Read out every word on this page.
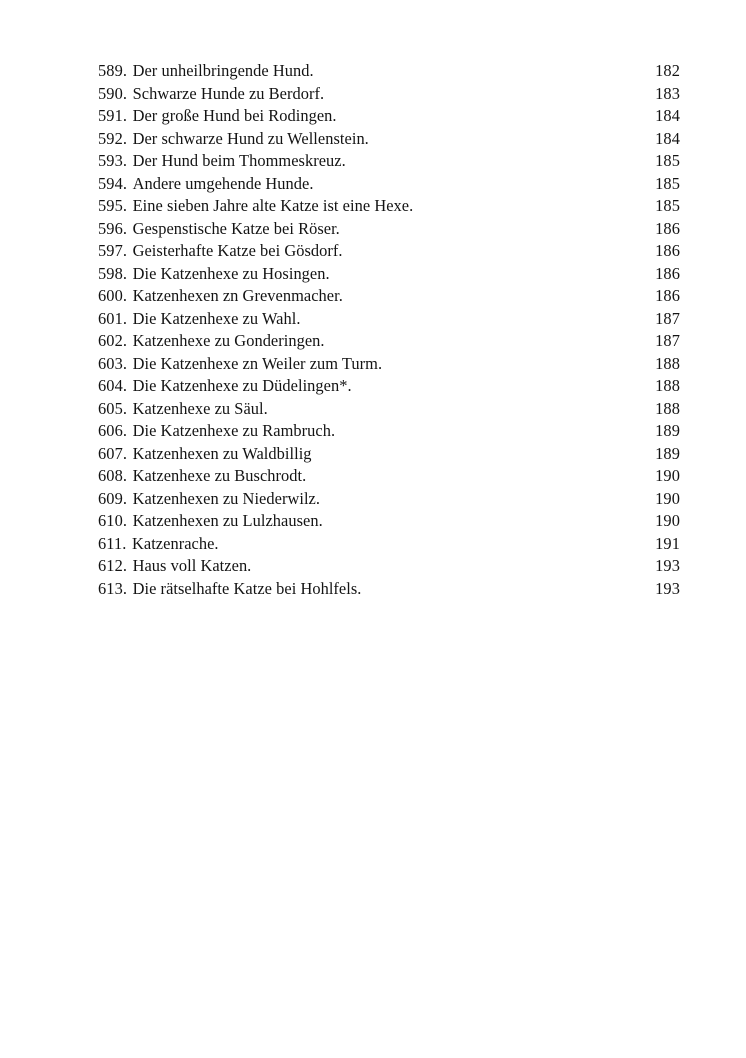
589. Der unheilbringende Hund. .....	182
590. Schwarze Hunde zu Berdorf. .....	183
591. Der große Hund bei Rodingen. .....	184
592. Der schwarze Hund zu Wellenstein. .....	184
593. Der Hund beim Thommeskreuz. .....	185
594. Andere umgehende Hunde. .....	185
595. Eine sieben Jahre alte Katze ist eine Hexe. .....	185
596. Gespenstische Katze bei Röser. .....	186
597. Geisterhafte Katze bei Gösdorf. .....	186
598. Die Katzenhexe zu Hosingen. .....	186
600. Katzenhexen zn Grevenmacher. .....	186
601. Die Katzenhexe zu Wahl. .....	187
602. Katzenhexe zu Gonderingen. .....	187
603. Die Katzenhexe zn Weiler zum Turm. .....	188
604. Die Katzenhexe zu Düdelingen*. .....	188
605. Katzenhexe zu Säul. .....	188
606. Die Katzenhexe zu Rambruch. .....	189
607. Katzenhexen zu Waldbillig .....	189
608. Katzenhexe zu Buschrodt. .....	190
609. Katzenhexen zu Niederwilz. .....	190
610. Katzenhexen zu Lulzhausen. .....	190
611. Katzenrache. .....	191
612. Haus voll Katzen. .....	193
613. Die rätselhafte Katze bei Hohlfels. .....	193
